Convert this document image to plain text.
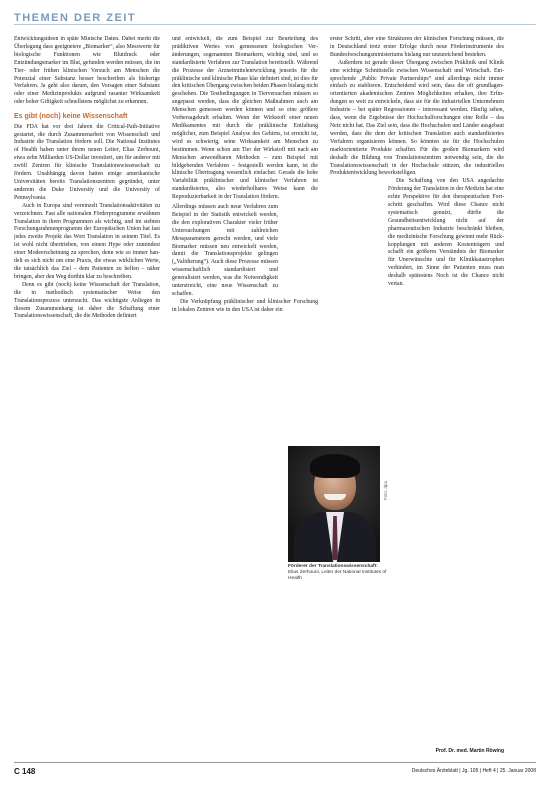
THEMEN DER ZEIT

Entwicklungsideen in späte Minische Daten. Dabei merkt die Überlegung dass geeignetere „Biomarker“, also Messwerte für biologische Funktionen wie Blutdruck oder Entzündungsmarker im Blut, gefunden werden müssen, die im Tier- oder frühen klinischen Versuch am Menschen die Potenzial einer Substanz besser beschreiben als bisherige Verfahren. Ja geht also darum, den Vorsagen einer Substanz oder einer Medizinprodukts aufgrund rasanter Wirksamkeit oder hoher Giftigkeit schnellstens möglichst zu erkennen.

Es gibt (noch) keine Wissenschaft

Die FDA hat vor drei Jahren die Critical-Path-Initiative gestartet, die durch Zusammenarbeit von Wissenschaft und Industrie die Translation fördern soll. Die National Institutes of Health haben unter ihrem neuen Leiter, Elias Zerhouni, etwa zehn Milliarden US-Dollar investiert, um für anderer mit zwölf Zentren für klinische Translationswissenschaft zu fördern. Unabhängig davon hatten einige amerikanische Universitäten bereits Translationszentren gegründet, unter anderem die Duke University und die University of Pennsylvania.

Auch in Europa sind vereinzelt Translationsaktivitäten zu verzeichnen. Fast alle nationalen Förderprogramme erwähnen Translation in ihren Programmen als wichtig, und im siebten Forschungsrahmenprogramm der Europäischen Union hat fast jedes zweite Projekt das Wort Translation in seinem Titel. Es ist wohl nicht übertrieben, von einem Hype oder zumindest einer Modeerscheinung zu sprechen, denn wie so immer handelt es sich nicht um eine Praxis, die etwas wirklichen Werte, die tatsächlich das Ziel – dem Patienten zu helfen – näher bringen, aber den Weg dorthin klar zu beschreiben.

Denn es gibt (noch) keine Wissenschaft der Translation, die in methodisch systematischer Weise den Translationsprozess untersucht. Das wichtigste Anliegen in diesem Zusammenhang ist daher die Schaffung einer Translationswissenschaft, die die Methoden definiert

und entwickelt, die zum Beispiel zur Beurteilung des prädiktiven Wertes von gemessenen biologischen Veränderungen, sogenannten Biomarkern, wichtig sind, und so standardisierte Verfahren zur Translation bereitstellt. Während die Prozesse der Arzneimittelentwicklung jenseits für die präklinische und klinische Phase klar definiert sind, ist dies für den kritischen Übergang zwischen beiden Phasen bislang nicht geschehen. Die Testbedingungen in Tierversuchen müssen so angepasst werden, dass die gleichen Maßnahmen auch am Menschen gemessen werden können und so eine größere Vorhersagekraft erhalten. Wenn der Wirkstoff einer neuen Medikamentes mit durch die präklinische Entfaltung möglicher, zum Beispiel Analyse des Gehirns, ist erreicht ist, wird es schwierig, seine Wirksamkeit am Menschen zu bestimmen. Wenn schon am Tier der Wirkstoff mit nach am Menschen anwendbaren Methoden – zum Beispiel mit bildgebenden Verfahren – festgestellt werden kann, ist die klinische Übertragung wesentlich einfacher. Gerade die hohe Variabilität präklinischer und klinischer Verfahren ist standardisiertes, also wiederholbares Weise kann die Reproduzierbarkeit in der Translation fördern.

Allerdings müssen auch neue Verfahren zum Beispiel in der Statistik entwickelt werden, die den explorativen Charakter vieler früher Untersuchungen mit zahlreichen Messparametern gerecht werden, und viele Biomarker müssen neu entwickelt werden, damit die Translationsprojekte gelingen („Validierung“). Auch diese Prozesse müssen wissenschaftlich standardisiert und generalisiert werden, was die Notwendigkeit unterstreicht, eine neue Wissenschaft zu schaffen.

Die Verknüpfung präklinischer und klinischer Forschung in lokalen Zentren wie in den USA ist daher ein

erster Schritt, aber eine Strukturen der klinischen Forschung müssen, die in Deutschland trotz erster Erfolge durch neue Förderinstrumente des Bundesforschungsministeriums bislang nur unzureichend bestehen.

Außerdem ist gerade dieser Übergang zwischen Präklinik und Klinik eine wichtige Schnittstelle zwischen Wissenschaft und Wirtschaft. Entsprechende „Public Private Partnerships“ sind allerdings nicht immer einfach zu etablieren. Entscheidend wird sein, dass die oft grundlagenorientierten akademischen Zentren Möglichkeiten erhalten, ihre Erfindungen so weit zu entwickeln, dass sie für die industriellen Unternehmen Industrie – bei später Regressionen – interessant werden. Häufig sehen, dass, wenn die Ergebnisse der Hochschulforschungen eine Rolle – das Netz nicht hat. Das Ziel sein, dass die Hochschulen und Länder ausgebaut werden, dass die dem der kritischen Translation auch standardisiertes Verfahren organisieren können. So könnten sie für die Hochschulen marktorientierte Produkte schaffen. Für die großen Biomarkern wird deshalb die Bildung von Translationszentren notwendig sein, die die Translationswissenschaft in der Hochschule stützen, die industriellen Produktentwicklung bewerkstelligen.

Die Schaffung von den USA angedachte Förderung der Translation in der Medizin hat eine echte Perspektive für den therapeutischen Fortschritt geschaffen. Wird diese Chance nicht systematisch genutzt, dürfte die Gesundheitsentwicklung nicht auf der pharmazeutischen Industrie beschränkt bleiben, die medizinische Forschung gewinnt mehr Rückkopplungen mit anderen Kostenträgern und schafft ein größeres Verständnis der Biomarker für Unerwünschte und für Klinikkatastrophen verhindert, im Sinne der Patienten muss man deshalb spätestens Noch ist die Chance nicht vertan.

Foto: dpa
Förderer der Translationswissenschaft: Elias Zerhouni, Leiter der National Institutes of Health
Prof. Dr. med. Martin Röwing
C 148	Deutsches Ärzteblatt | Jg. 105 | Heft 4 | 25. Januar 2008
